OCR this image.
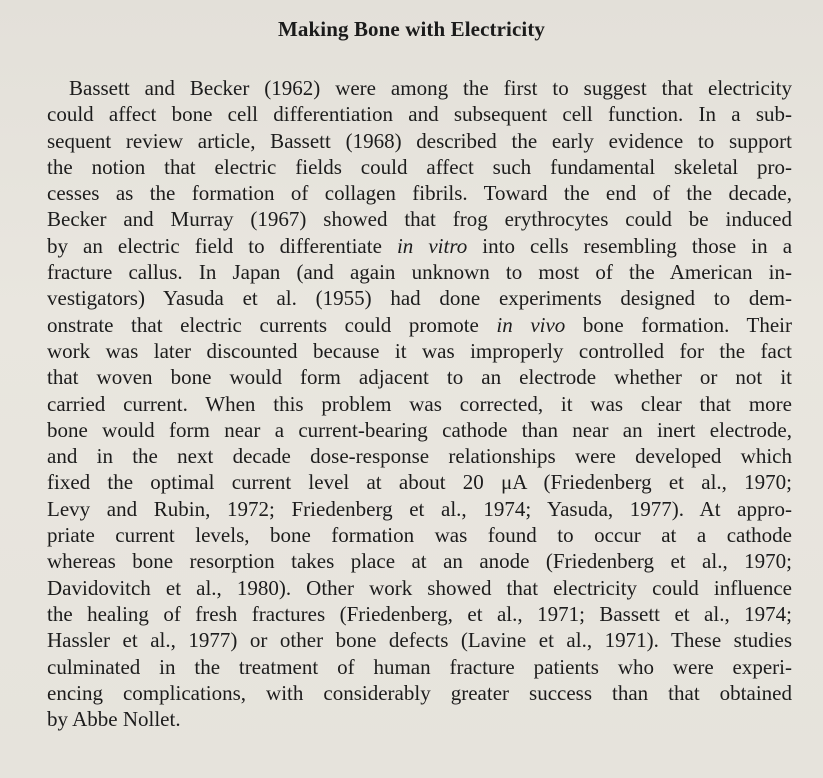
Making Bone with Electricity
Bassett and Becker (1962) were among the first to suggest that electricity
could affect bone cell differentiation and subsequent cell function. In a sub-
sequent review article, Bassett (1968) described the early evidence to support
the notion that electric fields could affect such fundamental skeletal pro-
cesses as the formation of collagen fibrils. Toward the end of the decade,
Becker and Murray (1967) showed that frog erythrocytes could be induced
by an electric field to differentiate in vitro into cells resembling those in a
fracture callus. In Japan (and again unknown to most of the American in-
vestigators) Yasuda et al. (1955) had done experiments designed to dem-
onstrate that electric currents could promote in vivo bone formation. Their
work was later discounted because it was improperly controlled for the fact
that woven bone would form adjacent to an electrode whether or not it
carried current. When this problem was corrected, it was clear that more
bone would form near a current-bearing cathode than near an inert electrode,
and in the next decade dose-response relationships were developed which
fixed the optimal current level at about 20 μA (Friedenberg et al., 1970;
Levy and Rubin, 1972; Friedenberg et al., 1974; Yasuda, 1977). At appro-
priate current levels, bone formation was found to occur at a cathode
whereas bone resorption takes place at an anode (Friedenberg et al., 1970;
Davidovitch et al., 1980). Other work showed that electricity could influence
the healing of fresh fractures (Friedenberg, et al., 1971; Bassett et al., 1974;
Hassler et al., 1977) or other bone defects (Lavine et al., 1971). These studies
culminated in the treatment of human fracture patients who were experi-
encing complications, with considerably greater success than that obtained
by Abbe Nollet.
